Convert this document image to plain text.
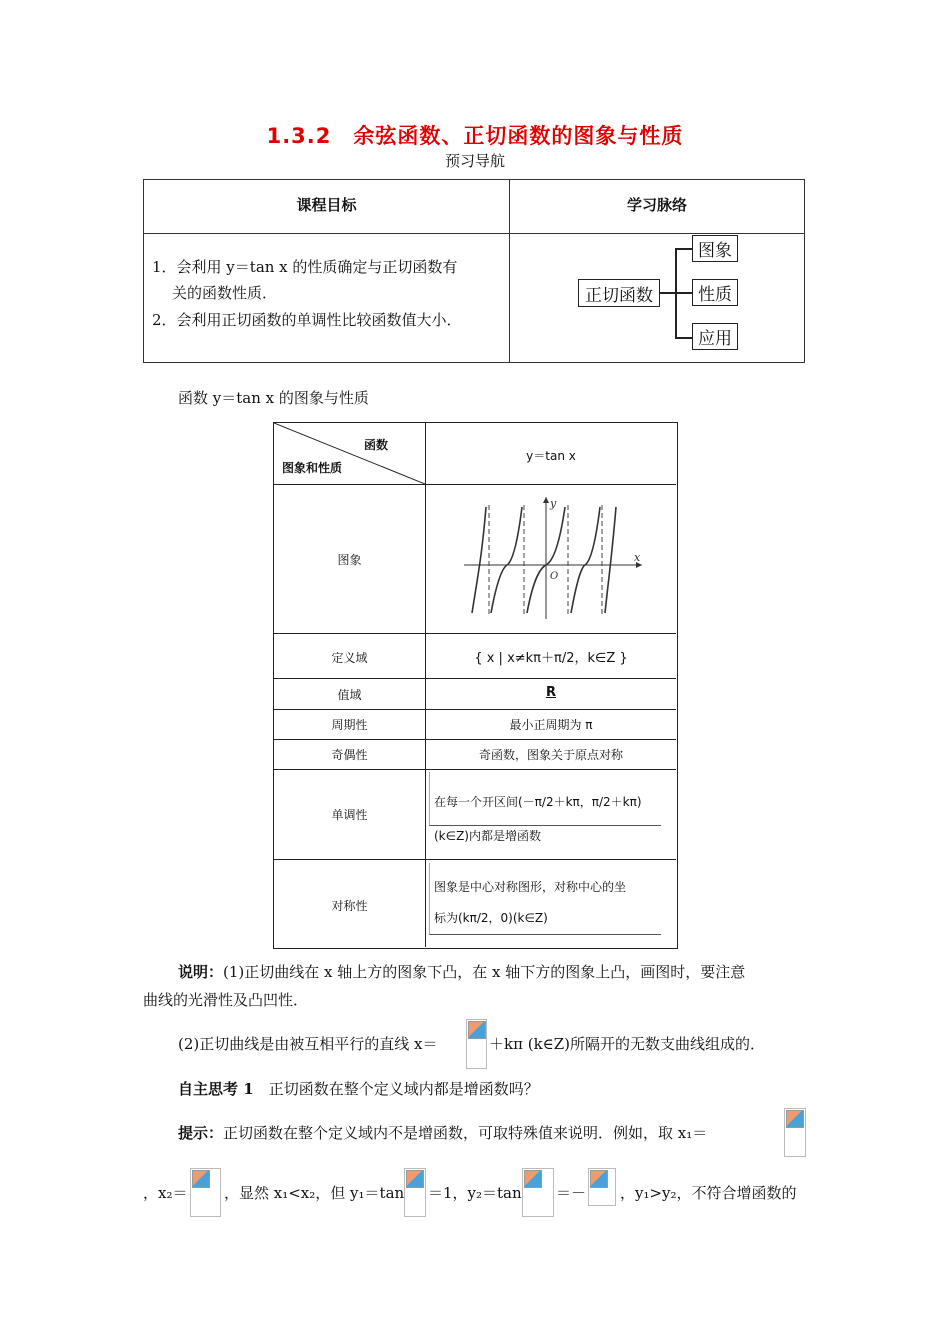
1.3.2　余弦函数、正切函数的图象与性质
预习导航
课程目标	学习脉络
1．会利用 y＝tan x 的性质确定与正切函数有
关的函数性质．
2．会利用正切函数的单调性比较函数值大小．
正切函数
图象
性质
应用
函数 y＝tan x 的图象与性质
函数
图象和性质
y＝tan x
图象
定义域
值域
周期性
奇偶性
单调性
对称性
x
y
O
{ x | x≠kπ＋π/2，k∈Z }
R
最小正周期为 π
奇函数，图象关于原点对称
在每一个开区间(－π/2＋kπ，π/2＋kπ)
(k∈Z)内都是增函数
图象是中心对称图形，对称中心的坐
标为(kπ/2，0)(k∈Z)
说明：(1)正切曲线在 x 轴上方的图象下凸，在 x 轴下方的图象上凸，画图时，要注意
曲线的光滑性及凸凹性．
(2)正切曲线是由被互相平行的直线 x＝	＋kπ (k∈Z)所隔开的无数支曲线组成的．
自主思考 1　 正切函数在整个定义域内都是增函数吗？
提示：正切函数在整个定义域内不是增函数，可取特殊值来说明．例如，取 x₁＝
，x₂＝ ，显然 x₁<x₂，但 y₁＝tan ＝1，y₂＝tan ＝－ ，y₁>y₂，不符合增函数的
